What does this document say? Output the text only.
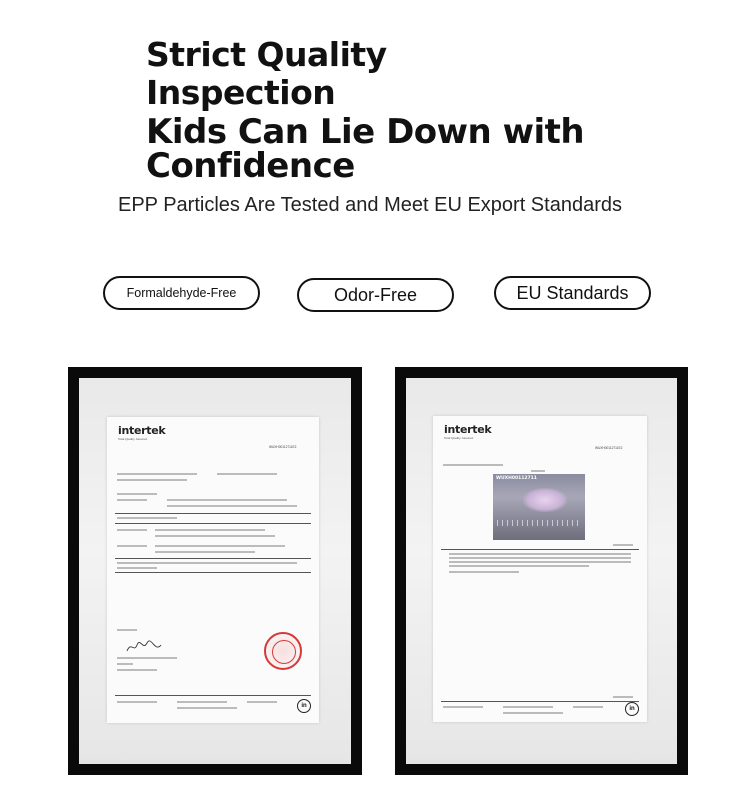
Strict Quality
Inspection
Kids Can Lie Down with
Confidence
EPP Particles Are Tested and Meet EU Export Standards
Formaldehyde-Free	Odor-Free	EU Standards
intertek
Total Quality. Assured.
WUXH00112711E2
in
intertek
Total Quality. Assured.
WUXH00112711E2
WUXH00112711
in
